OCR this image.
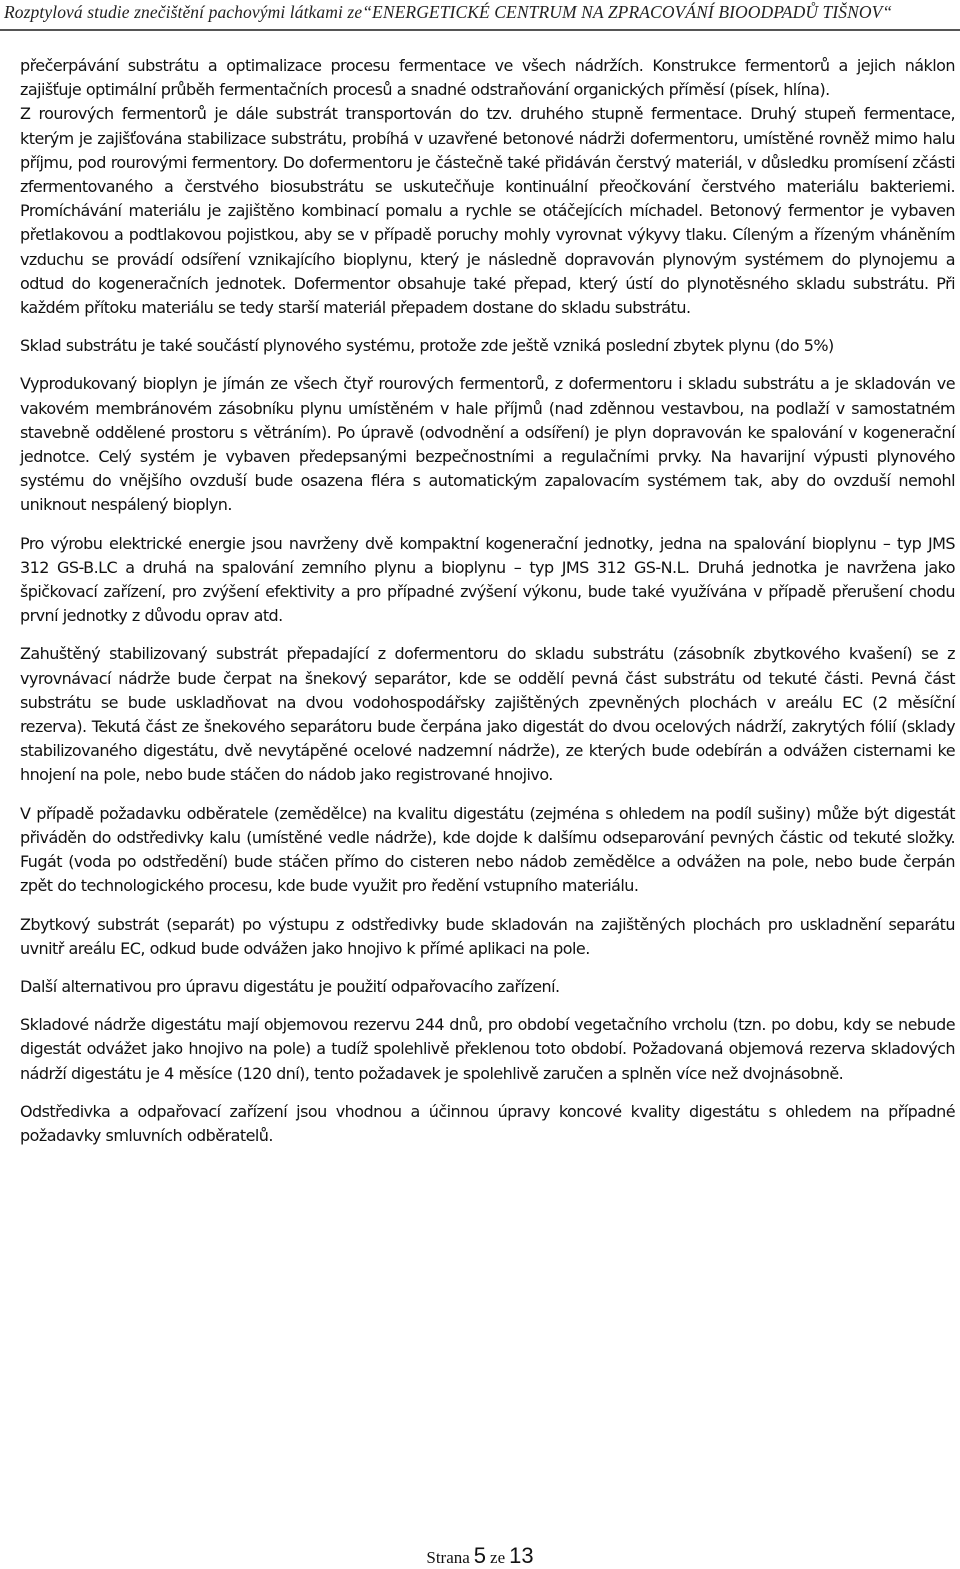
Rozptylová studie znečištění pachovými látkami ze“ENERGETICKÉ CENTRUM NA ZPRACOVÁNÍ BIOODPADŮ TIŠNOV“

přečerpávání substrátu a optimalizace procesu fermentace ve všech nádržích. Konstrukce fermentorů a jejich náklon zajišťuje optimální průběh fermentačních procesů a snadné odstraňování organických příměsí (písek, hlína).

Z rourových fermentorů je dále substrát transportován do tzv. druhého stupně fermentace. Druhý stupeň fermentace, kterým je zajišťována stabilizace substrátu, probíhá v uzavřené betonové nádrži dofermentoru, umístěné rovněž mimo halu příjmu, pod rourovými fermentory. Do dofermentoru je částečně také přidáván čerstvý materiál, v důsledku promísení zčásti zfermentovaného a čerstvého biosubstrátu se uskutečňuje kontinuální přeočkování čerstvého materiálu bakteriemi. Promíchávání materiálu je zajištěno kombinací pomalu a rychle se otáčejících míchadel. Betonový fermentor je vybaven přetlakovou a podtlakovou pojistkou, aby se v případě poruchy mohly vyrovnat výkyvy tlaku. Cíleným a řízeným vháněním vzduchu se provádí odsíření vznikajícího bioplynu, který je následně dopravován plynovým systémem do plynojemu a odtud do kogeneračních jednotek. Dofermentor obsahuje také přepad, který ústí do plynotěsného skladu substrátu. Při každém přítoku materiálu se tedy starší materiál přepadem dostane do skladu substrátu.

Sklad substrátu je také součástí plynového systému, protože zde ještě vzniká poslední zbytek plynu (do 5%)

Vyprodukovaný bioplyn je jímán ze všech čtyř rourových fermentorů, z dofermentoru i skladu substrátu a je skladován ve vakovém membránovém zásobníku plynu umístěném v hale příjmů (nad zděnnou vestavbou, na podlaží v samostatném stavebně oddělené prostoru s větráním). Po úpravě (odvodnění a odsíření) je plyn dopravován ke spalování v kogenerační jednotce. Celý systém je vybaven předepsanými bezpečnostními a regulačními prvky. Na havarijní výpusti plynového systému do vnějšího ovzduší bude osazena fléra s automatickým zapalovacím systémem tak, aby do ovzduší nemohl uniknout nespálený bioplyn.

Pro výrobu elektrické energie jsou navrženy dvě kompaktní kogenerační jednotky, jedna na spalování bioplynu – typ JMS 312 GS-B.LC a druhá na spalování zemního plynu a bioplynu – typ JMS 312 GS-N.L. Druhá jednotka je navržena jako špičkovací zařízení, pro zvýšení efektivity a pro případné zvýšení výkonu, bude také využívána v případě přerušení chodu první jednotky z důvodu oprav atd.

Zahuštěný stabilizovaný substrát přepadající z dofermentoru do skladu substrátu (zásobník zbytkového kvašení) se z vyrovnávací nádrže bude čerpat na šnekový separátor, kde se oddělí pevná část substrátu od tekuté části. Pevná část substrátu se bude uskladňovat na dvou vodohospodářsky zajištěných zpevněných plochách v areálu EC (2 měsíční rezerva). Tekutá část ze šnekového separátoru bude čerpána jako digestát do dvou ocelových nádrží, zakrytých fólií (sklady stabilizovaného digestátu, dvě nevytápěné ocelové nadzemní nádrže), ze kterých bude odebírán a odvážen cisternami ke hnojení na pole, nebo bude stáčen do nádob jako registrované hnojivo.

V případě požadavku odběratele (zemědělce) na kvalitu digestátu (zejména s ohledem na podíl sušiny) může být digestát přiváděn do odstředivky kalu (umístěné vedle nádrže), kde dojde k dalšímu odseparování pevných částic od tekuté složky. Fugát (voda po odstředění) bude stáčen přímo do cisteren nebo nádob zemědělce a odvážen na pole, nebo bude čerpán zpět do technologického procesu, kde bude využit pro ředění vstupního materiálu.

Zbytkový substrát (separát) po výstupu z odstředivky bude skladován na zajištěných plochách pro uskladnění separátu uvnitř areálu EC, odkud bude odvážen jako hnojivo k přímé aplikaci na pole.

Další alternativou pro úpravu digestátu je použití odpařovacího zařízení.

Skladové nádrže digestátu mají objemovou rezervu 244 dnů, pro období vegetačního vrcholu (tzn. po dobu, kdy se nebude digestát odvážet jako hnojivo na pole) a tudíž spolehlivě překlenou toto období. Požadovaná objemová rezerva skladových nádrží digestátu je 4 měsíce (120 dní), tento požadavek je spolehlivě zaručen a splněn více než dvojnásobně.

Odstředivka a odpařovací zařízení jsou vhodnou a účinnou úpravy koncové kvality digestátu s ohledem na případné požadavky smluvních odběratelů.

Strana 5 ze 13
